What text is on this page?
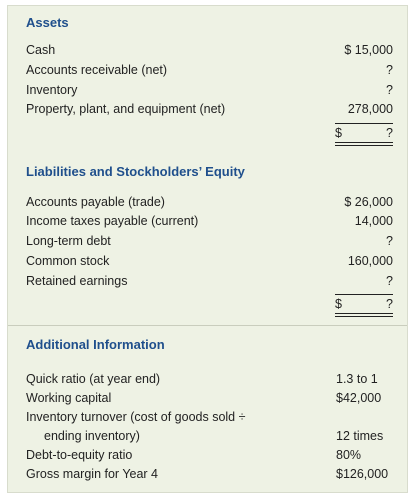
Assets
Cash	$ 15,000
Accounts receivable (net)	?
Inventory	?
Property, plant, and equipment (net)	278,000
$	?
Liabilities and Stockholders’ Equity
Accounts payable (trade)	$ 26,000
Income taxes payable (current)	14,000
Long-term debt	?
Common stock	160,000
Retained earnings	?
$	?
Additional Information
Quick ratio (at year end)	1.3 to 1
Working capital	$42,000
Inventory turnover (cost of goods sold ÷
ending inventory)	12 times
Debt-to-equity ratio	80%
Gross margin for Year 4	$126,000
